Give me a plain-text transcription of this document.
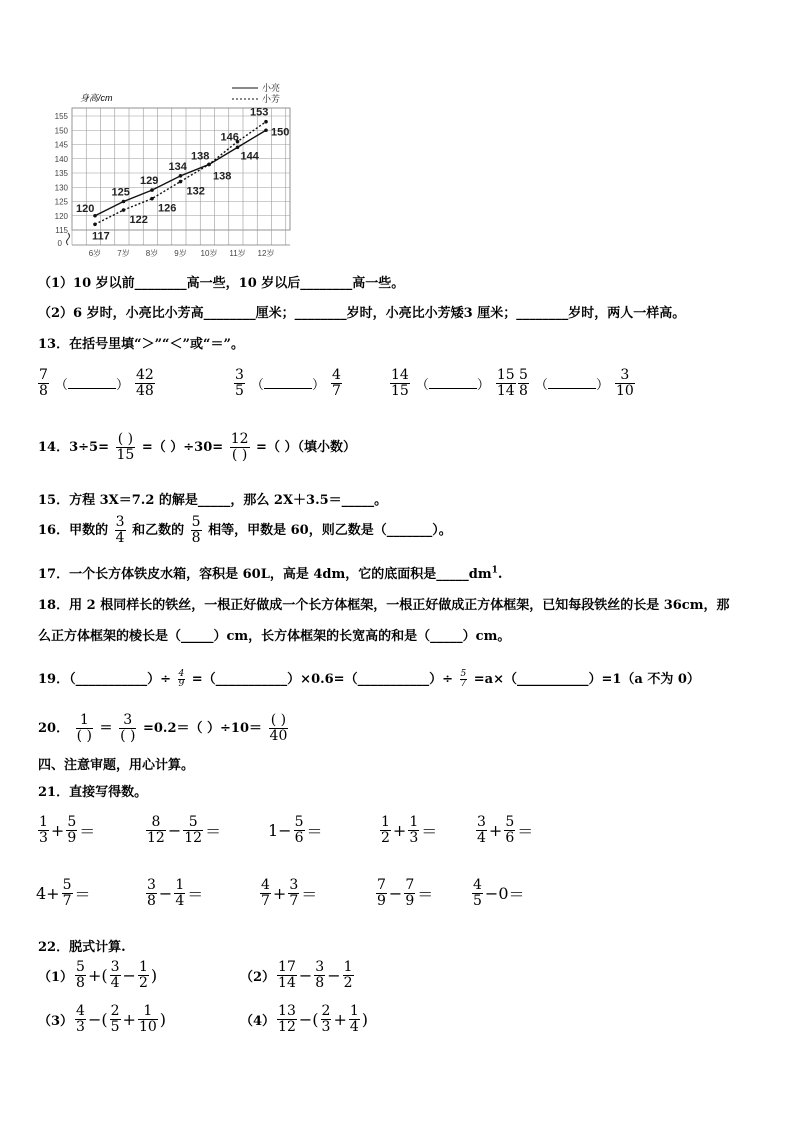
115
120
125
130
135
140
145
150
155
0
6岁 7岁 8岁 9岁 10岁 11岁 12岁
120
125
129
134
138	144
150
117
122
126
132
138
146
153
小亮
小芳
身高/cm
（1）10 岁以前________高一些，10 岁以后________高一些。
（2）6 岁时，小亮比小芳高________厘米；________岁时，小亮比小芳矮3 厘米；________岁时，两人一样高。
13．在括号里填“＞”“＜”或“＝”。
$\frac{7}{8}$ （	） $\frac{42}{48}$	$\frac{3}{5}$ （	） $\frac{4}{7}$	$\frac{14}{15}$ （	） $\frac{15}{14} \frac{5}{8}$ （	） $\frac{3}{10}$
14．$3\div 5= \frac{( )}{15}$ =（ ）$\div 30= \frac{12}{( )}$ =（ ）（填小数）
15．方程 3X＝7.2 的解是_____，那么 2X＋3.5＝_____。
16．甲数的 $\frac{3}{4}$ 和乙数的 $\frac{5}{8}$ 相等，甲数是 60，则乙数是（_______）。
17．一个长方体铁皮水箱，容积是 60L，高是 4dm，它的底面积是$\_\_\_\_\_dm^1$.
18．用 2 根同样长的铁丝，一根正好做成一个长方体框架，一根正好做成正方体框架，已知每段铁丝的长是 36cm，那
么正方体框架的棱长是（_____）cm，长方体框架的长宽高的和是（_____）cm。
19．（___________）÷ $\frac{4}{9}$ =（___________）×0.6=（___________）÷ $\frac{5}{7}$ =a×（___________）=1（a 不为 0）
20． $\frac{1}{( )} = \frac{3}{( )} =0.2=$（ ）$\div 10= \frac{( )}{40}$
四、注意审题，用心计算。
21．直接写得数。
$\frac{1}{3} + \frac{5}{9}$ ＝	$\frac{8}{12} - \frac{5}{12}$ ＝	$1- \frac{5}{6}$ ＝	$\frac{1}{2} + \frac{1}{3}$ ＝	$\frac{3}{4} + \frac{5}{6}$ ＝
$4+ \frac{5}{7}$ ＝	$\frac{3}{8} - \frac{1}{4}$ ＝	$\frac{4}{7} + \frac{3}{7}$ ＝	$\frac{7}{9} - \frac{7}{9}$ ＝	$\frac{4}{5} -0=$
22．脱式计算.
$(1) \frac{5}{8}$ +( $\frac{3}{4} - \frac{1}{2}$ )	$(2) \frac{17}{14} - \frac{3}{8} - \frac{1}{2}$
$(3) \frac{4}{3}$ −( $\frac{2}{5} + \frac{1}{10}$ )	$(4) \frac{13}{12}$ −( $\frac{2}{3} + \frac{1}{4}$ )
